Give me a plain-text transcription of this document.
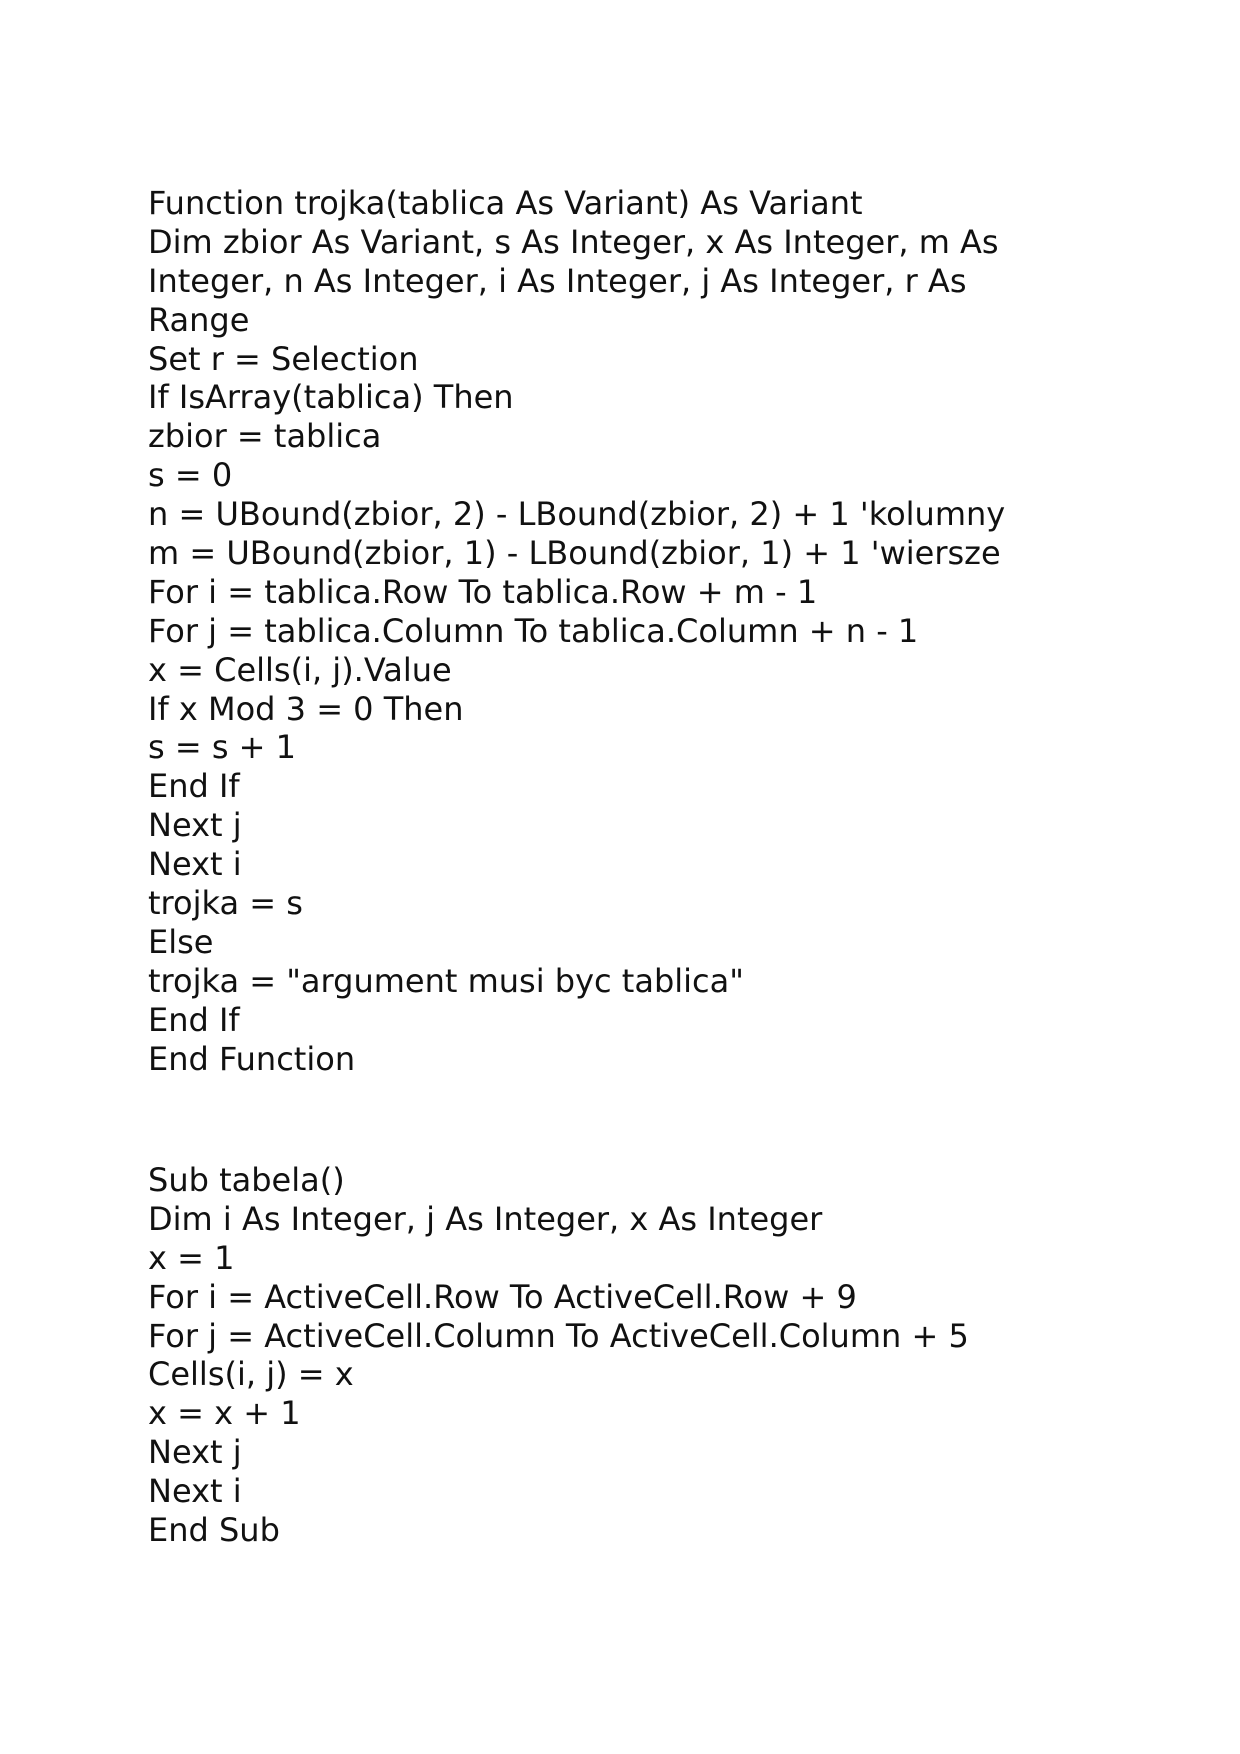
Function trojka(tablica As Variant) As Variant
Dim zbior As Variant, s As Integer, x As Integer, m As
Integer, n As Integer, i As Integer, j As Integer, r As
Range
Set r = Selection
If IsArray(tablica) Then
zbior = tablica
s = 0
n = UBound(zbior, 2) - LBound(zbior, 2) + 1 'kolumny
m = UBound(zbior, 1) - LBound(zbior, 1) + 1 'wiersze
For i = tablica.Row To tablica.Row + m - 1
For j = tablica.Column To tablica.Column + n - 1
x = Cells(i, j).Value
If x Mod 3 = 0 Then
s = s + 1
End If
Next j
Next i
trojka = s
Else
trojka = "argument musi byc tablica"
End If
End Function
Sub tabela()
Dim i As Integer, j As Integer, x As Integer
x = 1
For i = ActiveCell.Row To ActiveCell.Row + 9
For j = ActiveCell.Column To ActiveCell.Column + 5
Cells(i, j) = x
x = x + 1
Next j
Next i
End Sub
